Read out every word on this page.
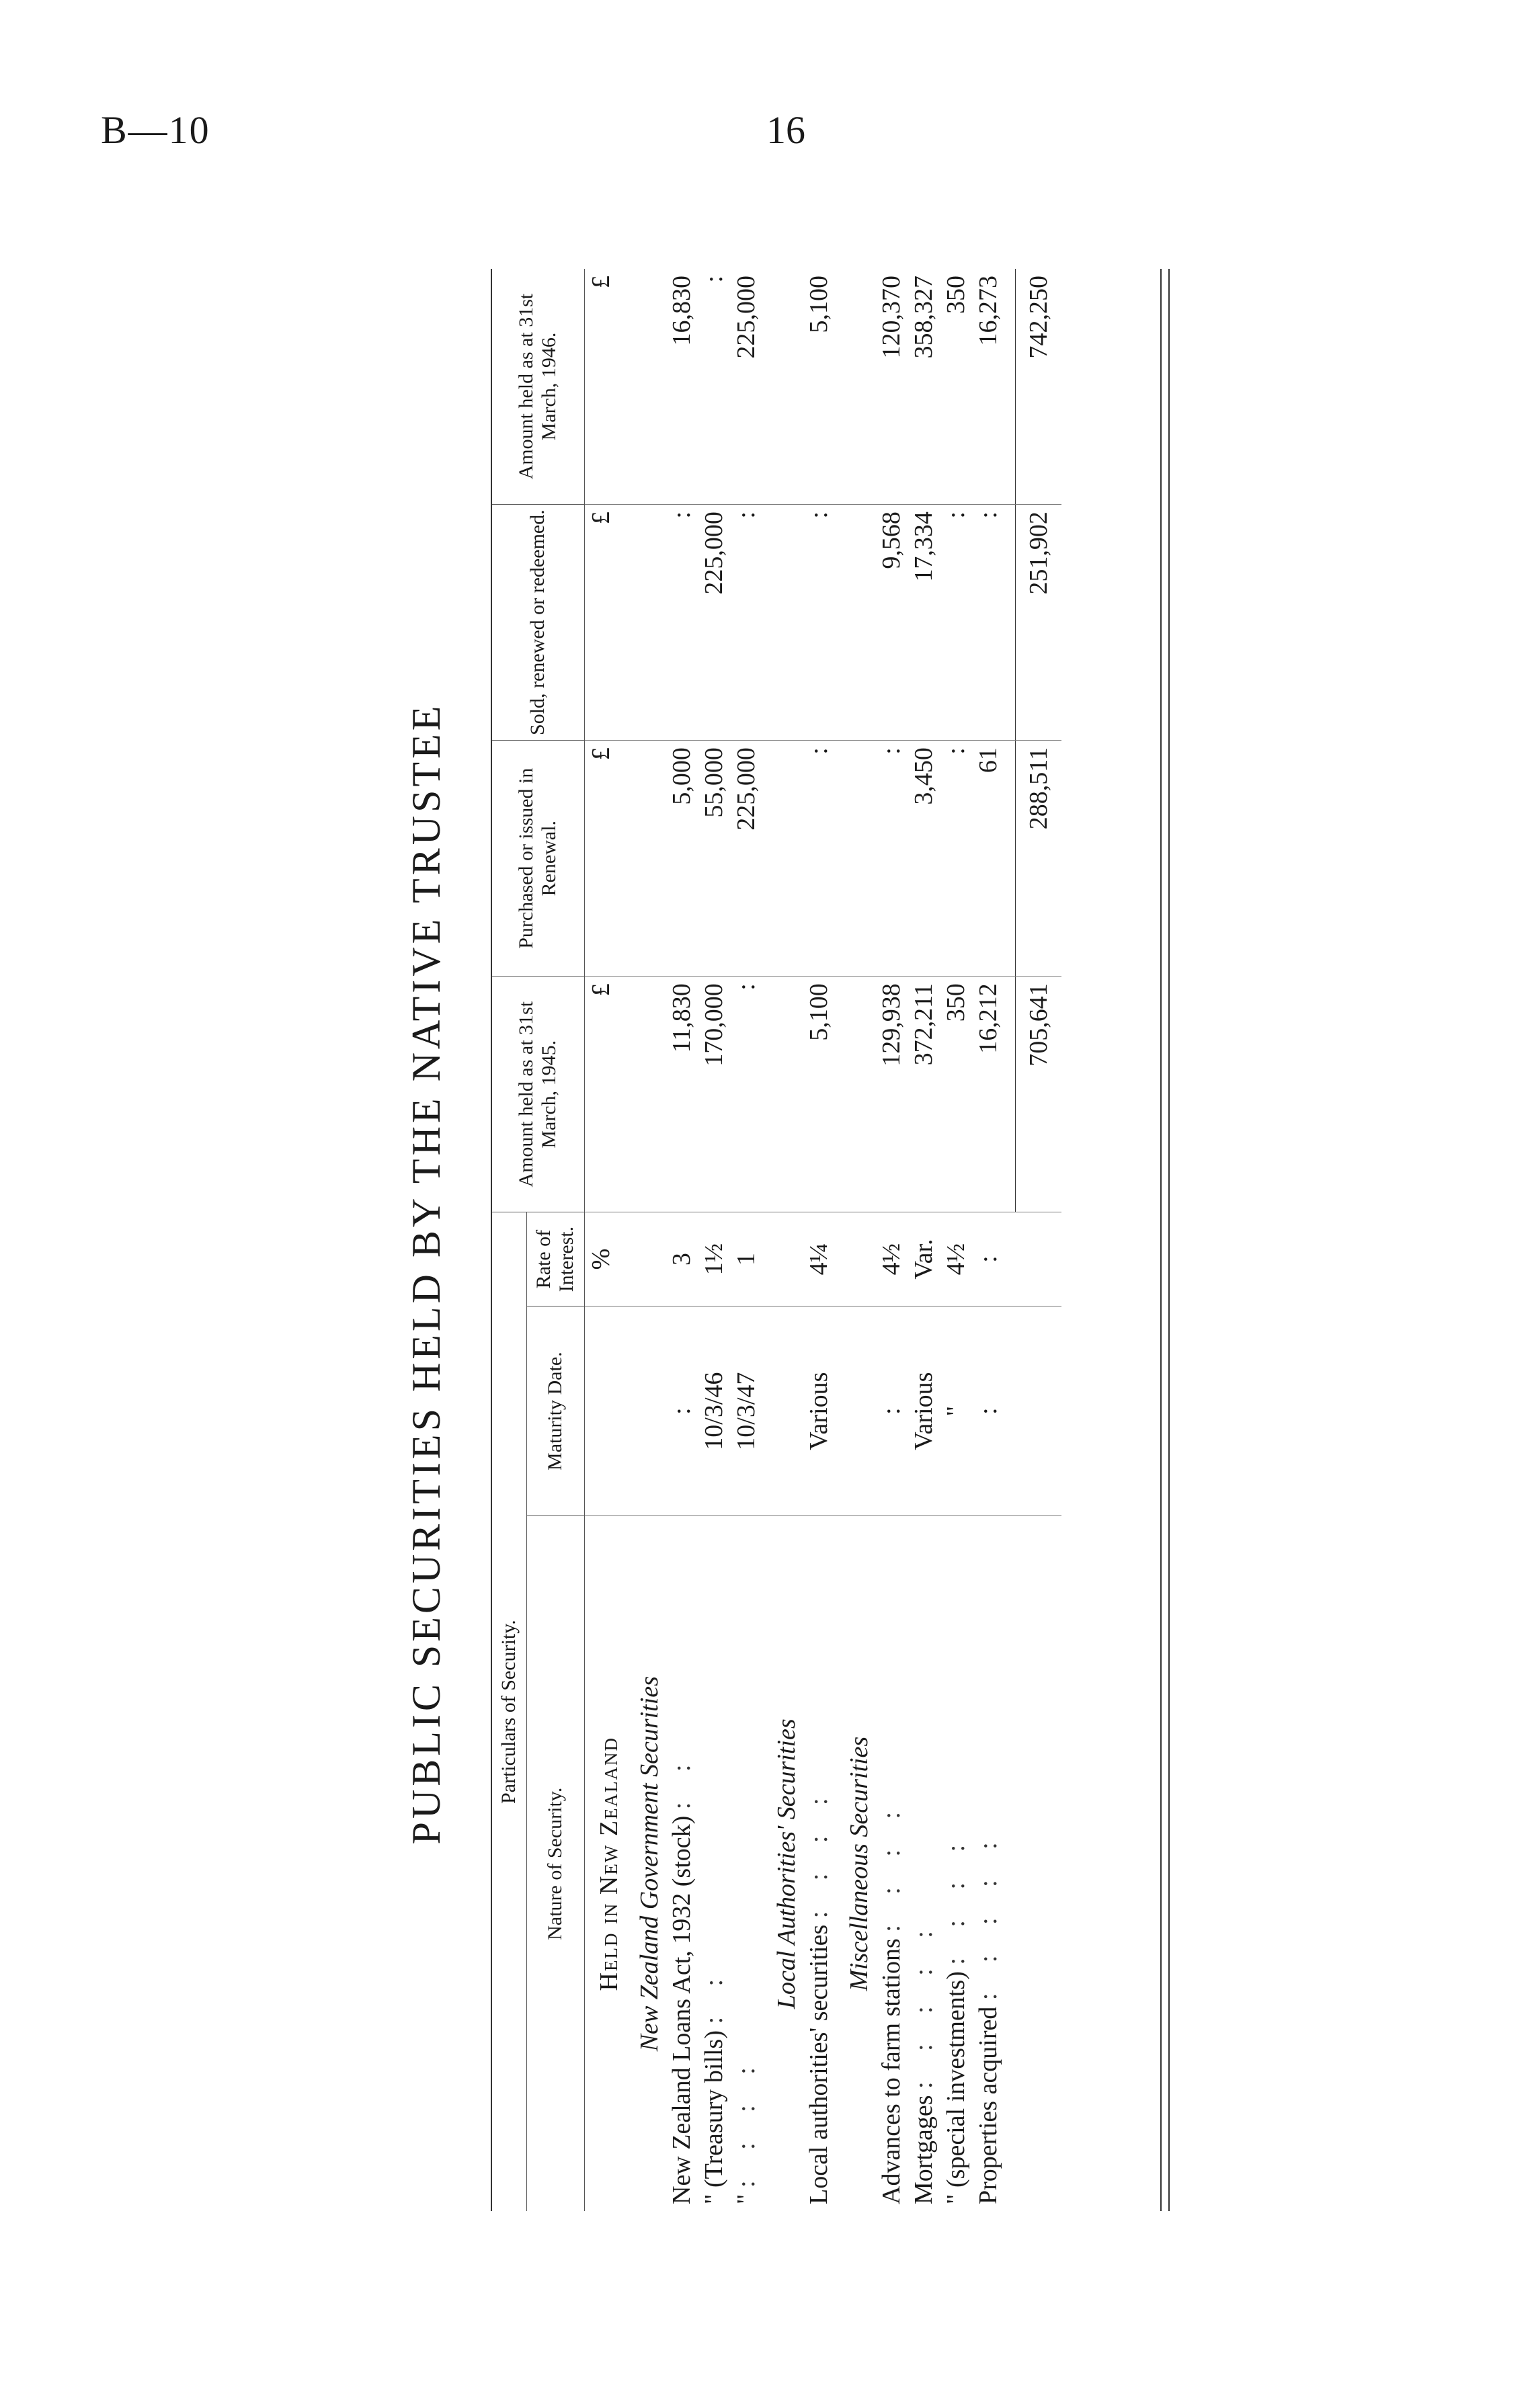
B—10	16
PUBLIC SECURITIES HELD BY THE NATIVE TRUSTEE Particulars of Security.			Amount held as at 31st March, 1945.	Purchased or issued in Renewal.	Sold, renewed or redeemed.	Amount held as at 31st March, 1946.
Nature of Security.	Maturity Date.	Rate of Interest.				
Held in New Zealand		%	£	£	£	£
New Zealand Government Securities						
New Zealand Loans Act, 1932 (stock) : :	:	3	11,830	5,000	:	16,830
" (Treasury bills) : :	10/3/46	1½	170,000	55,000	225,000	:
" : : : :	10/3/47	1	:	225,000	:	225,000
Local Authorities' Securities						
Local authorities' securities : : : :	Various	4¼	5,100	:	:	5,100
Miscellaneous Securities						
Advances to farm stations : : : :	:	4½	129,938	:	9,568	120,370
Mortgages : : : : :	Various	Var.	372,211	3,450	17,334	358,327
" (special investments) : : : :	"	4½	350	:	:	350
Properties acquired : : : : :	:	:	16,212	61	:	16,273
			705,641	288,511	251,902	742,250
